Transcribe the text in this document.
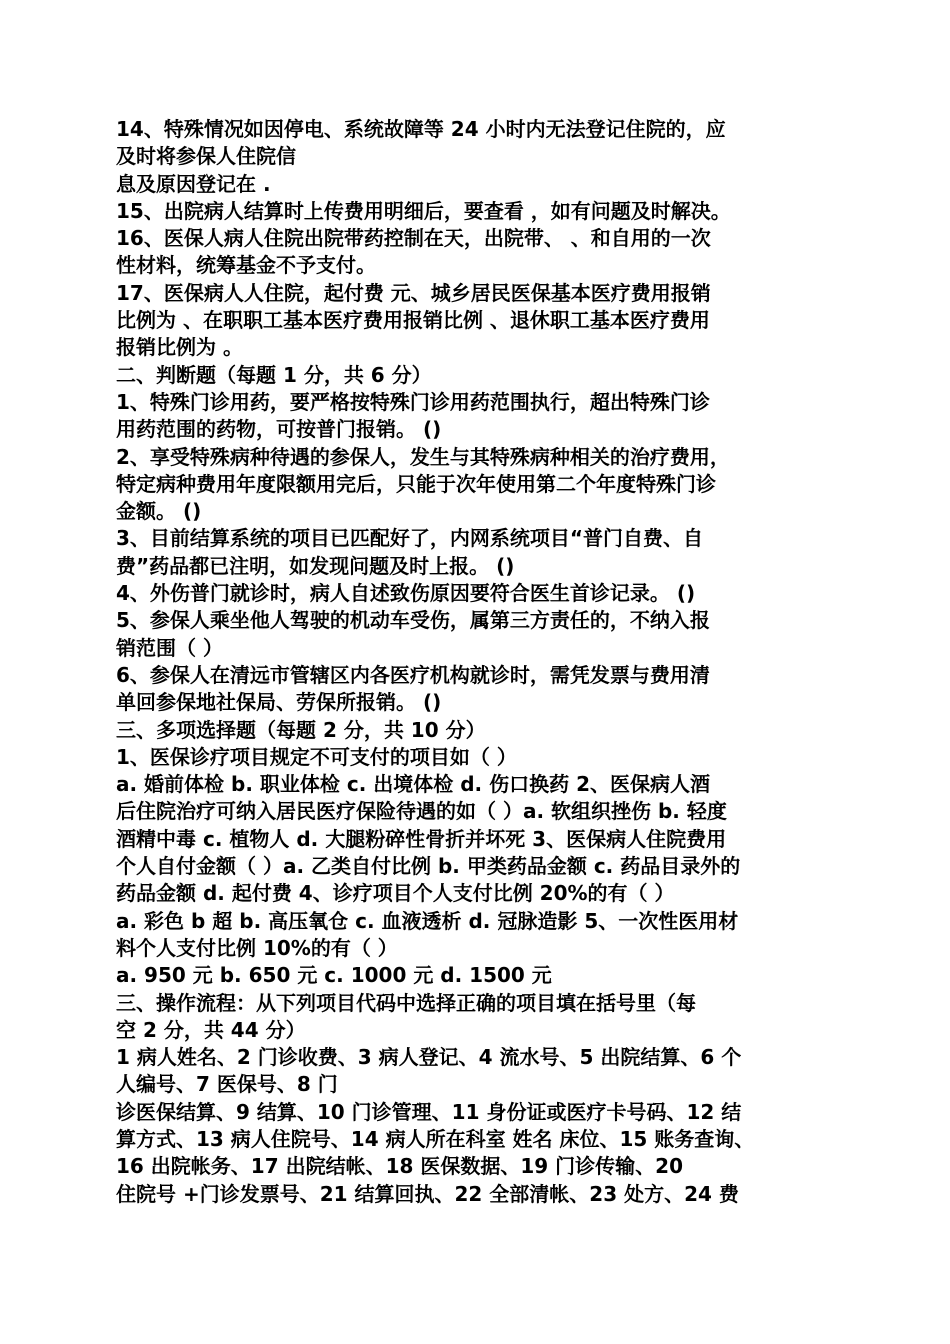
14、特殊情况如因停电、系统故障等 24 小时内无法登记住院的，应
及时将参保人住院信
息及原因登记在 .
15、出院病人结算时上传费用明细后，要查看 ，如有问题及时解决。
16、医保人病人住院出院带药控制在天，出院带、 、和自用的一次
性材料，统筹基金不予支付。
17、医保病人人住院，起付费 元、城乡居民医保基本医疗费用报销
比例为 、在职职工基本医疗费用报销比例 、退休职工基本医疗费用
报销比例为 。
二、判断题（每题 1 分，共 6 分）
1、特殊门诊用药，要严格按特殊门诊用药范围执行，超出特殊门诊
用药范围的药物，可按普门报销。 ()
2、享受特殊病种待遇的参保人，发生与其特殊病种相关的治疗费用，
特定病种费用年度限额用完后，只能于次年使用第二个年度特殊门诊
金额。 ()
3、目前结算系统的项目已匹配好了，内网系统项目“普门自费、自
费”药品都已注明，如发现问题及时上报。 ()
4、外伤普门就诊时，病人自述致伤原因要符合医生首诊记录。 ()
5、参保人乘坐他人驾驶的机动车受伤，属第三方责任的，不纳入报
销范围（ ）
6、参保人在清远市管辖区内各医疗机构就诊时，需凭发票与费用清
单回参保地社保局、劳保所报销。 ()
三、多项选择题（每题 2 分，共 10 分）
1、医保诊疗项目规定不可支付的项目如（ ）
a. 婚前体检 b. 职业体检 c. 出境体检 d. 伤口换药 2、医保病人酒
后住院治疗可纳入居民医疗保险待遇的如（ ）a. 软组织挫伤 b. 轻度
酒精中毒 c. 植物人 d. 大腿粉碎性骨折并坏死 3、医保病人住院费用
个人自付金额（ ）a. 乙类自付比例 b. 甲类药品金额 c. 药品目录外的
药品金额 d. 起付费 4、诊疗项目个人支付比例 20%的有（ ）
a. 彩色 b 超 b. 高压氧仓 c. 血液透析 d. 冠脉造影 5、一次性医用材
料个人支付比例 10%的有（ ）
a. 950 元 b. 650 元 c. 1000 元 d. 1500 元
三、操作流程：从下列项目代码中选择正确的项目填在括号里（每
空 2 分，共 44 分）
1 病人姓名、2 门诊收费、3 病人登记、4 流水号、5 出院结算、6 个
人编号、7 医保号、8 门
诊医保结算、9 结算、10 门诊管理、11 身份证或医疗卡号码、12 结
算方式、13 病人住院号、14 病人所在科室 姓名 床位、15 账务查询、
16 出院帐务、17 出院结帐、18 医保数据、19 门诊传输、20
住院号 +门诊发票号、21 结算回执、22 全部清帐、23 处方、24 费
